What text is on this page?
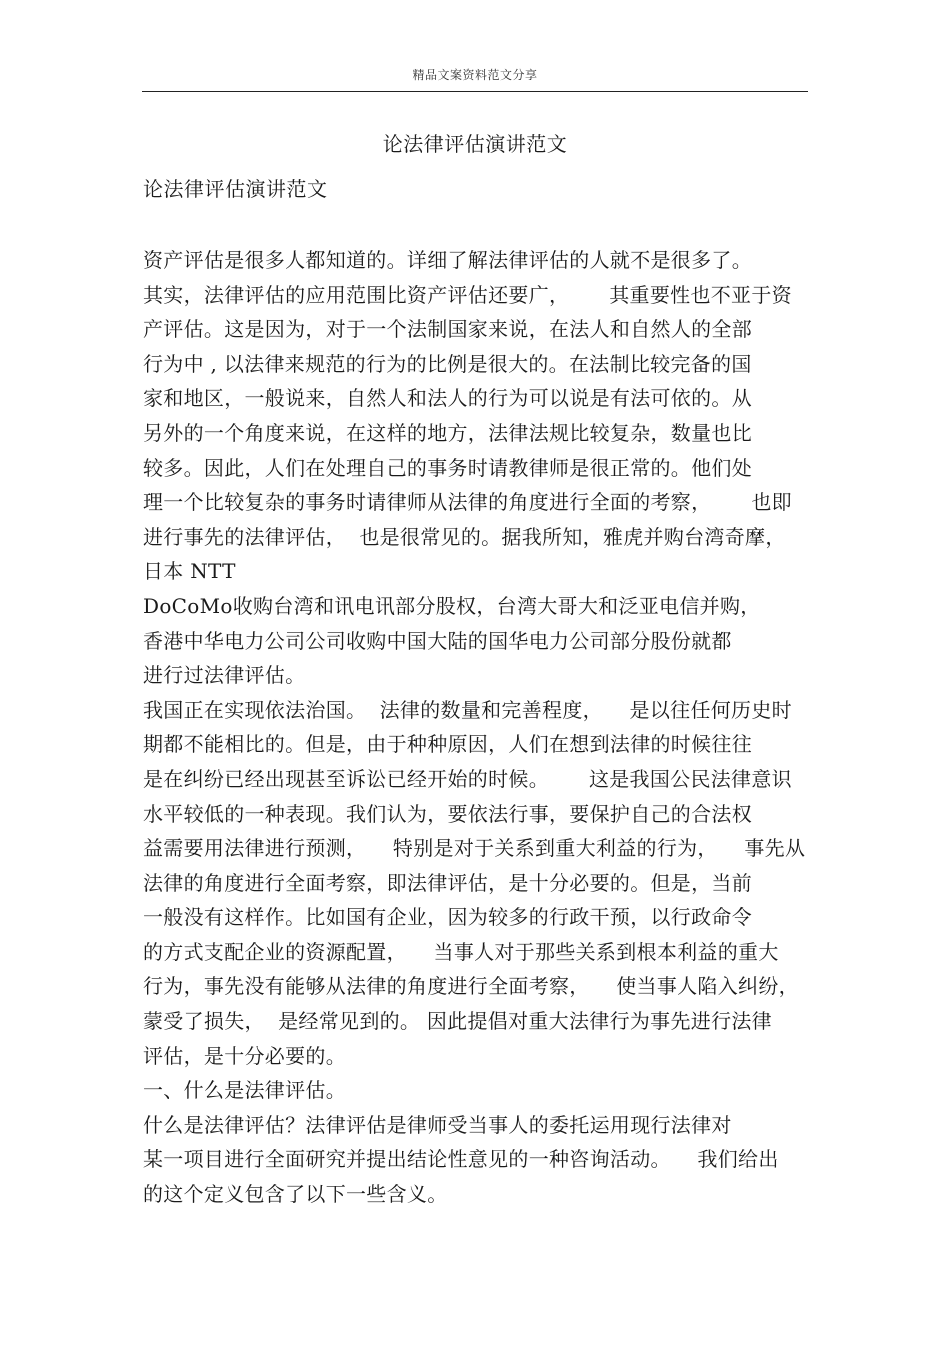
精品文案资料范文分享
论法律评估演讲范文
论法律评估演讲范文
资产评估是很多人都知道的。详细了解法律评估的人就不是很多了。
其实，法律评估的应用范围比资产评估还要广，      其重要性也不亚于资
产评估。这是因为，对于一个法制国家来说，在法人和自然人的全部
行为中 , 以法律来规范的行为的比例是很大的。在法制比较完备的国
家和地区，一般说来，自然人和法人的行为可以说是有法可依的。从
另外的一个角度来说，在这样的地方，法律法规比较复杂，数量也比
较多。因此，人们在处理自己的事务时请教律师是很正常的。他们处
理一个比较复杂的事务时请律师从法律的角度进行全面的考察，      也即
进行事先的法律评估，  也是很常见的。据我所知，雅虎并购台湾奇摩，
日本 NTT
DoCoMo收购台湾和讯电讯部分股权，台湾大哥大和泛亚电信并购，
香港中华电力公司公司收购中国大陆的国华电力公司部分股份就都
进行过法律评估。
我国正在实现依法治国。  法律的数量和完善程度，    是以往任何历史时
期都不能相比的。但是，由于种种原因，人们在想到法律的时候往往
是在纠纷已经出现甚至诉讼已经开始的时候。      这是我国公民法律意识
水平较低的一种表现。我们认为，要依法行事，要保护自己的合法权
益需要用法律进行预测，    特别是对于关系到重大利益的行为，    事先从
法律的角度进行全面考察，即法律评估，是十分必要的。但是，当前
一般没有这样作。比如国有企业，因为较多的行政干预，以行政命令
的方式支配企业的资源配置，    当事人对于那些关系到根本利益的重大
行为，事先没有能够从法律的角度进行全面考察，    使当事人陷入纠纷，
蒙受了损失，  是经常见到的。 因此提倡对重大法律行为事先进行法律
评估，是十分必要的。
一、什么是法律评估。
什么是法律评估？法律评估是律师受当事人的委托运用现行法律对
某一项目进行全面研究并提出结论性意见的一种咨询活动。    我们给出
的这个定义包含了以下一些含义。
